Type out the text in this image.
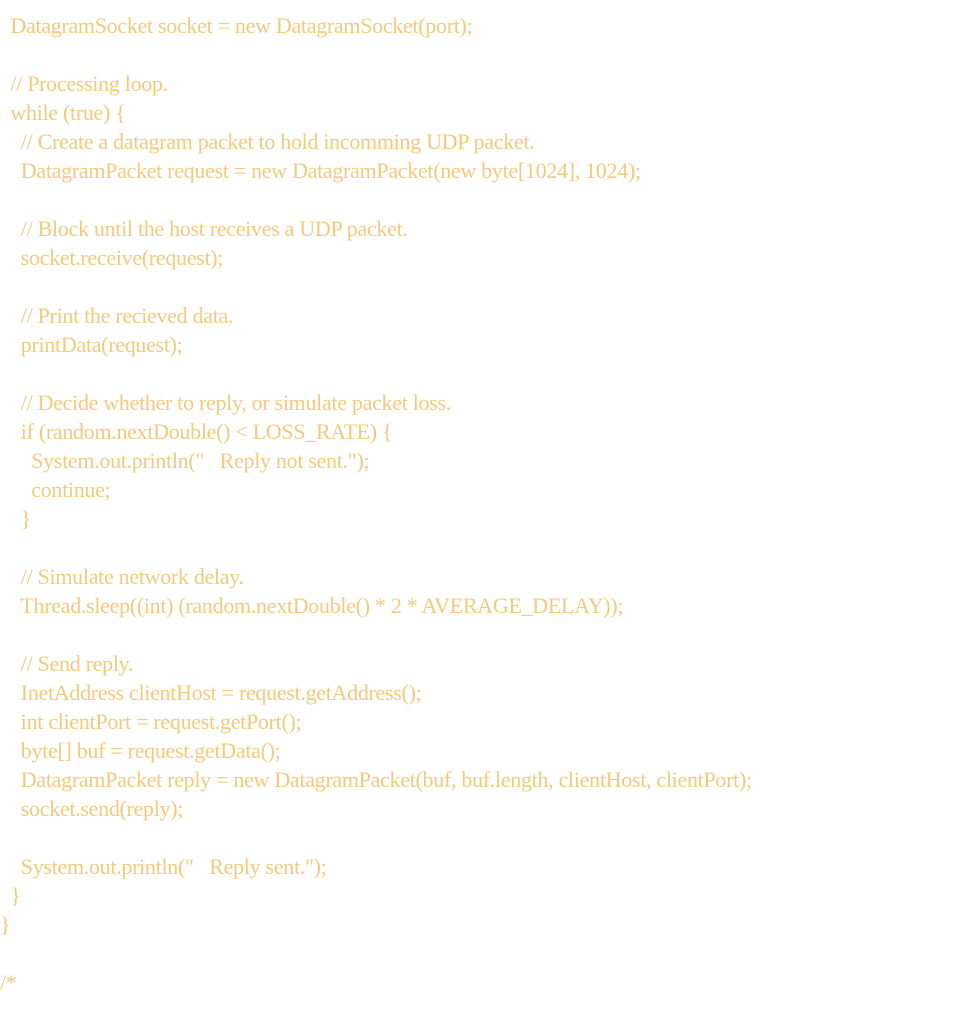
DatagramSocket socket = new DatagramSocket(port);
// Processing loop.
while (true) {
// Create a datagram packet to hold incomming UDP packet.
DatagramPacket request = new DatagramPacket(new byte[1024], 1024);
// Block until the host receives a UDP packet.
socket.receive(request);
// Print the recieved data.
printData(request);
// Decide whether to reply, or simulate packet loss.
if (random.nextDouble() < LOSS_RATE) {
System.out.println("   Reply not sent.");
continue;
}
// Simulate network delay.
Thread.sleep((int) (random.nextDouble() * 2 * AVERAGE_DELAY));
// Send reply.
InetAddress clientHost = request.getAddress();
int clientPort = request.getPort();
byte[] buf = request.getData();
DatagramPacket reply = new DatagramPacket(buf, buf.length, clientHost, clientPort);
socket.send(reply);
System.out.println("   Reply sent.");
}
}
/*
